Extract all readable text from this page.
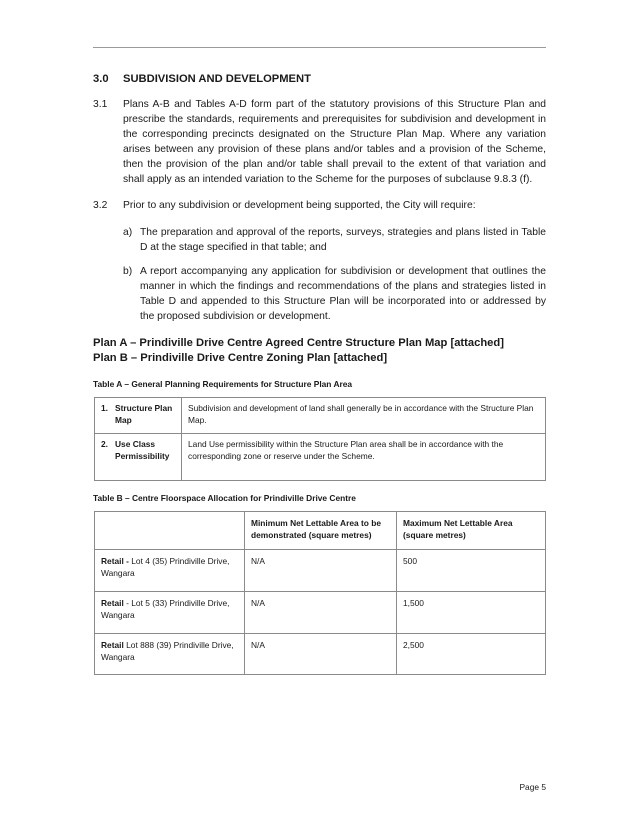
3.0 SUBDIVISION AND DEVELOPMENT
3.1 Plans A-B and Tables A-D form part of the statutory provisions of this Structure Plan and prescribe the standards, requirements and prerequisites for subdivision and development in the corresponding precincts designated on the Structure Plan Map. Where any variation arises between any provision of these plans and/or tables and a provision of the Scheme, then the provision of the plan and/or table shall prevail to the extent of that variation and shall apply as an intended variation to the Scheme for the purposes of subclause 9.8.3 (f).
3.2 Prior to any subdivision or development being supported, the City will require:
a) The preparation and approval of the reports, surveys, strategies and plans listed in Table D at the stage specified in that table; and
b) A report accompanying any application for subdivision or development that outlines the manner in which the findings and recommendations of the plans and strategies listed in Table D and appended to this Structure Plan will be incorporated into or addressed by the proposed subdivision or development.
Plan A – Prindiville Drive Centre Agreed Centre Structure Plan Map [attached]
Plan B – Prindiville Drive Centre Zoning Plan [attached]
Table A – General Planning Requirements for Structure Plan Area
1. Structure Plan
Map	Subdivision and development of land shall generally be in accordance with the Structure Plan Map.
2. Use Class
Permissibility	Land Use permissibility within the Structure Plan area shall be in accordance with the corresponding zone or reserve under the Scheme.
Table B – Centre Floorspace Allocation for Prindiville Drive Centre
	Minimum Net Lettable Area to be demonstrated (square metres)	Maximum Net Lettable Area (square metres)
Retail - Lot 4 (35) Prindiville Drive, Wangara	N/A	500
Retail - Lot 5 (33) Prindiville Drive, Wangara	N/A	1,500
Retail Lot 888 (39) Prindiville Drive, Wangara	N/A	2,500
Page 5
